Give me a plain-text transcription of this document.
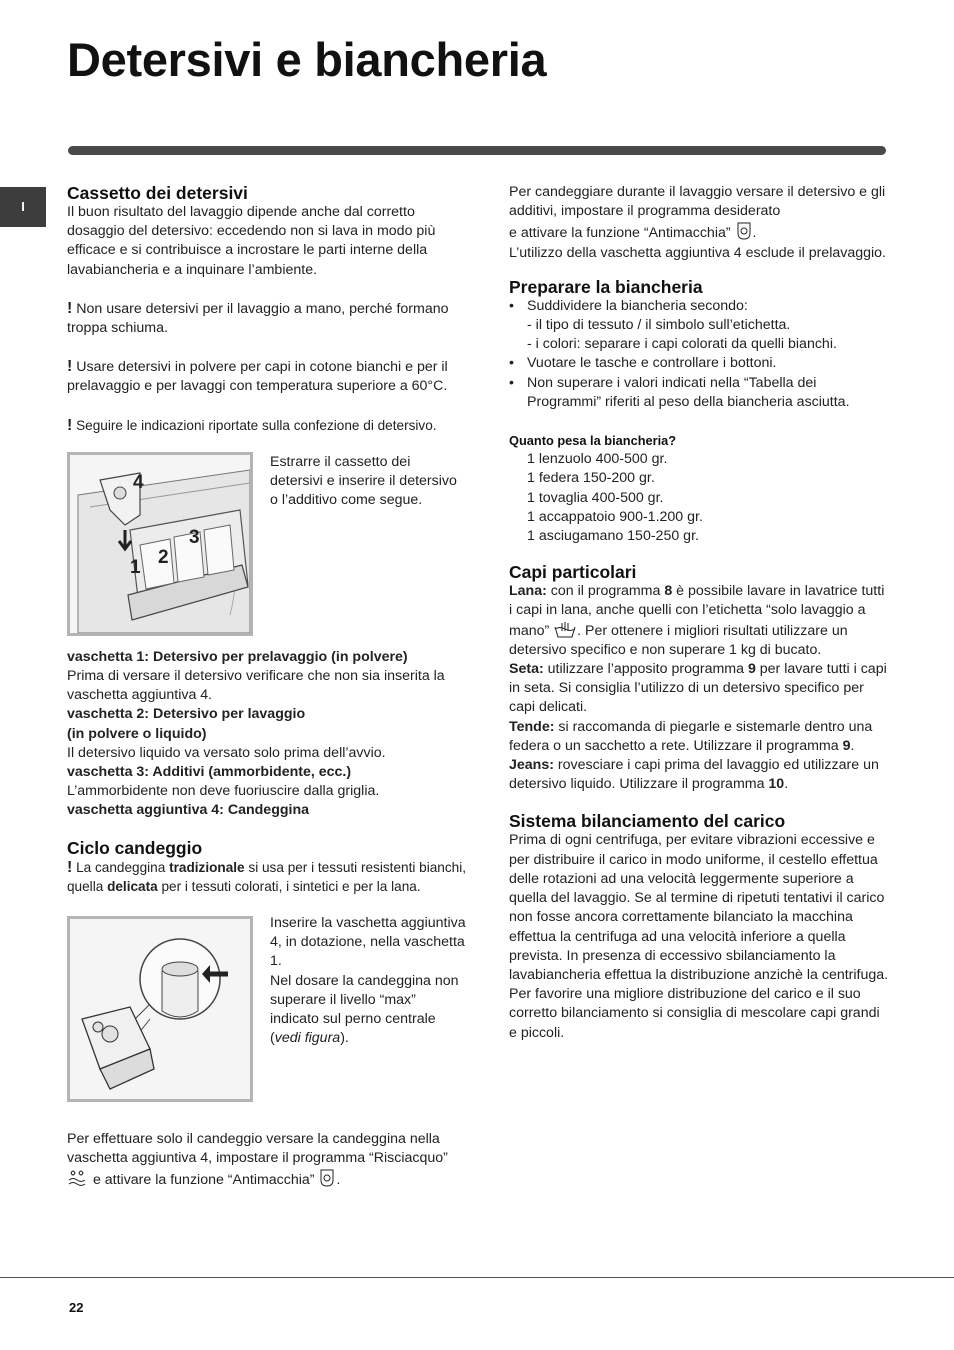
Detersivi e biancheria
I
Cassetto dei detersivi

Il buon risultato del lavaggio dipende anche dal corretto dosaggio del detersivo: eccedendo non si lava in modo più efficace e si contribuisce a incrostare le parti interne della lavabiancheria e a inquinare l’ambiente.

! Non usare detersivi per il lavaggio a mano, perché formano troppa schiuma.

! Usare detersivi in polvere per capi in cotone bianchi e per il prelavaggio e per lavaggi con temperatura superiore a 60°C.

! Seguire le indicazioni riportate sulla confezione di detersivo.

4
1 2
3

Estrarre il cassetto dei detersivi e inserire il detersivo o l’additivo come segue.

vaschetta 1: Detersivo per prelavaggio (in polvere)
Prima di versare il detersivo verificare che non sia inserita la vaschetta aggiuntiva 4.

vaschetta 2: Detersivo per lavaggio
(in polvere o liquido)
Il detersivo liquido va versato solo prima dell’avvio.

vaschetta 3: Additivi (ammorbidente, ecc.)
L’ammorbidente non deve fuoriuscire dalla griglia.

vaschetta aggiuntiva 4: Candeggina

Ciclo candeggio

! La candeggina tradizionale si usa per i tessuti resistenti bianchi, quella delicata per i tessuti colorati, i sintetici e per la lana.

Inserire la vaschetta aggiuntiva 4, in dotazione, nella vaschetta 1.
Nel dosare la candeggina non superare il livello “max” indicato sul perno centrale (vedi figura).

Per effettuare solo il candeggio versare la candeggina nella vaschetta aggiuntiva 4, impostare il programma “Risciacquo”  e attivare la funzione “Antimacchia” .

Per candeggiare durante il lavaggio versare il detersivo e gli additivi, impostare il programma desiderato
e attivare la funzione “Antimacchia” .
L’utilizzo della vaschetta aggiuntiva 4 esclude il prelavaggio.

Preparare la biancheria
• Suddividere la biancheria secondo:
- il tipo di tessuto / il simbolo sull’etichetta.
- i colori: separare i capi colorati da quelli bianchi.
• Vuotare le tasche e controllare i bottoni.
• Non superare i valori indicati nella “Tabella dei Programmi” riferiti al peso della biancheria asciutta.
Quanto pesa la biancheria?
1 lenzuolo 400-500 gr.
1 federa 150-200 gr.
1 tovaglia 400-500 gr.
1 accappatoio 900-1.200 gr.
1 asciugamano 150-250 gr.
Capi particolari

Lana: con il programma 8 è possibile lavare in lavatrice tutti i capi in lana, anche quelli con l’etichetta “solo lavaggio a mano” . Per ottenere i migliori risultati utilizzare un detersivo specifico e non superare 1 kg di bucato.
Seta: utilizzare l’apposito programma 9 per lavare tutti i capi in seta. Si consiglia l’utilizzo di un detersivo specifico per capi delicati.
Tende: si raccomanda di piegarle e sistemarle dentro una federa o un sacchetto a rete. Utilizzare il programma 9.
Jeans: rovesciare i capi prima del lavaggio ed utilizzare un detersivo liquido. Utilizzare il programma 10.

Sistema bilanciamento del carico

Prima di ogni centrifuga, per evitare vibrazioni eccessive e per distribuire il carico in modo uniforme, il cestello effettua delle rotazioni ad una velocità leggermente superiore a quella del lavaggio. Se al termine di ripetuti tentativi il carico non fosse ancora correttamente bilanciato la macchina effettua la centrifuga ad una velocità inferiore a quella prevista. In presenza di eccessivo sbilanciamento la lavabiancheria effettua la distribuzione anzichè la centrifuga. Per favorire una migliore distribuzione del carico e il suo corretto bilanciamento si consiglia di mescolare capi grandi e piccoli.

22
